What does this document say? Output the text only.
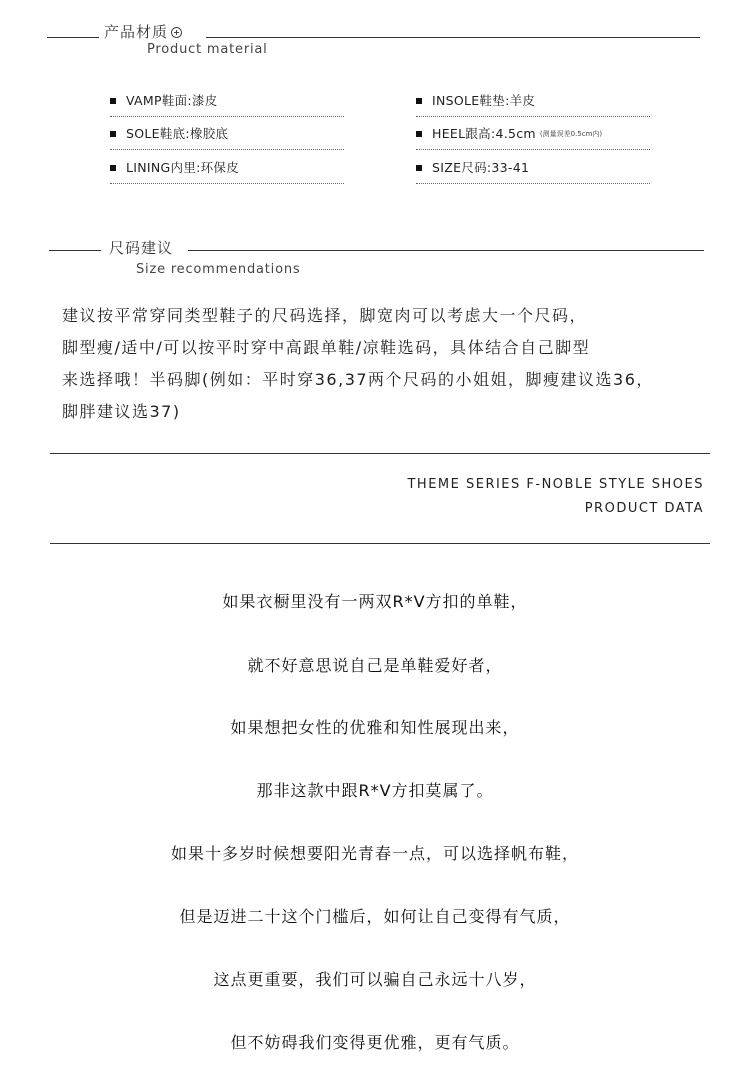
产品材质
Product material
VAMP鞋面:漆皮	INSOLE鞋垫:羊皮
SOLE鞋底:橡胶底	HEEL跟高:4.5cm (测量误差0.5cm内)
LINING内里:环保皮	SIZE尺码:33-41
尺码建议
Size recommendations
建议按平常穿同类型鞋子的尺码选择，脚宽肉可以考虑大一个尺码，
脚型瘦/适中/可以按平时穿中高跟单鞋/凉鞋选码，具体结合自己脚型
来选择哦！半码脚(例如：平时穿36,37两个尺码的小姐姐，脚瘦建议选36，
脚胖建议选37)
THEME SERIES F-NOBLE STYLE SHOES
PRODUCT DATA
如果衣橱里没有一两双R*V方扣的单鞋，
就不好意思说自己是单鞋爱好者，
如果想把女性的优雅和知性展现出来，
那非这款中跟R*V方扣莫属了。
如果十多岁时候想要阳光青春一点，可以选择帆布鞋，
但是迈进二十这个门槛后，如何让自己变得有气质，
这点更重要，我们可以骗自己永远十八岁，
但不妨碍我们变得更优雅，更有气质。
